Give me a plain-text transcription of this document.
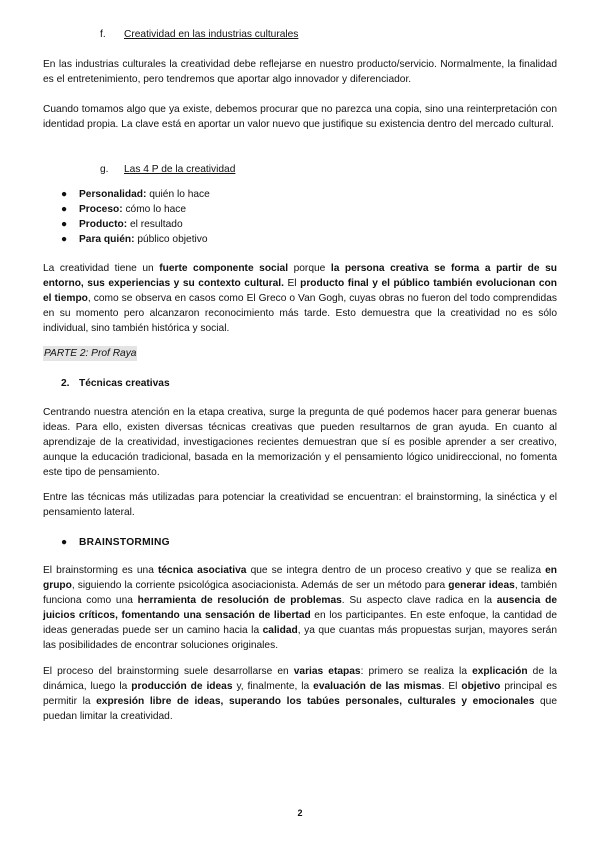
f. Creatividad en las industrias culturales

En las industrias culturales la creatividad debe reflejarse en nuestro producto/servicio. Normalmente, la finalidad es el entretenimiento, pero tendremos que aportar algo innovador y diferenciador.

Cuando tomamos algo que ya existe, debemos procurar que no parezca una copia, sino una reinterpretación con identidad propia. La clave está en aportar un valor nuevo que justifique su existencia dentro del mercado cultural.

g. Las 4 P de la creatividad
● Personalidad: quién lo hace
● Proceso: cómo lo hace
● Producto: el resultado
● Para quién: público objetivo

La creatividad tiene un fuerte componente social porque la persona creativa se forma a partir de su entorno, sus experiencias y su contexto cultural. El producto final y el público también evolucionan con el tiempo, como se observa en casos como El Greco o Van Gogh, cuyas obras no fueron del todo comprendidas en su momento pero alcanzaron reconocimiento más tarde. Esto demuestra que la creatividad no es sólo individual, sino también histórica y social.

PARTE 2: Prof Raya
2. Técnicas creativas

Centrando nuestra atención en la etapa creativa, surge la pregunta de qué podemos hacer para generar buenas ideas. Para ello, existen diversas técnicas creativas que pueden resultarnos de gran ayuda. En cuanto al aprendizaje de la creatividad, investigaciones recientes demuestran que sí es posible aprender a ser creativo, aunque la educación tradicional, basada en la memorización y el pensamiento lógico unidireccional, no fomenta este tipo de pensamiento.

Entre las técnicas más utilizadas para potenciar la creatividad se encuentran: el brainstorming, la sinéctica y el pensamiento lateral.

● BRAINSTORMING

El brainstorming es una técnica asociativa que se integra dentro de un proceso creativo y que se realiza en grupo, siguiendo la corriente psicológica asociacionista. Además de ser un método para generar ideas, también funciona como una herramienta de resolución de problemas. Su aspecto clave radica en la ausencia de juicios críticos, fomentando una sensación de libertad en los participantes. En este enfoque, la cantidad de ideas generadas puede ser un camino hacia la calidad, ya que cuantas más propuestas surjan, mayores serán las posibilidades de encontrar soluciones originales.

El proceso del brainstorming suele desarrollarse en varias etapas: primero se realiza la explicación de la dinámica, luego la producción de ideas y, finalmente, la evaluación de las mismas. El objetivo principal es permitir la expresión libre de ideas, superando los tabúes personales, culturales y emocionales que puedan limitar la creatividad.

2
